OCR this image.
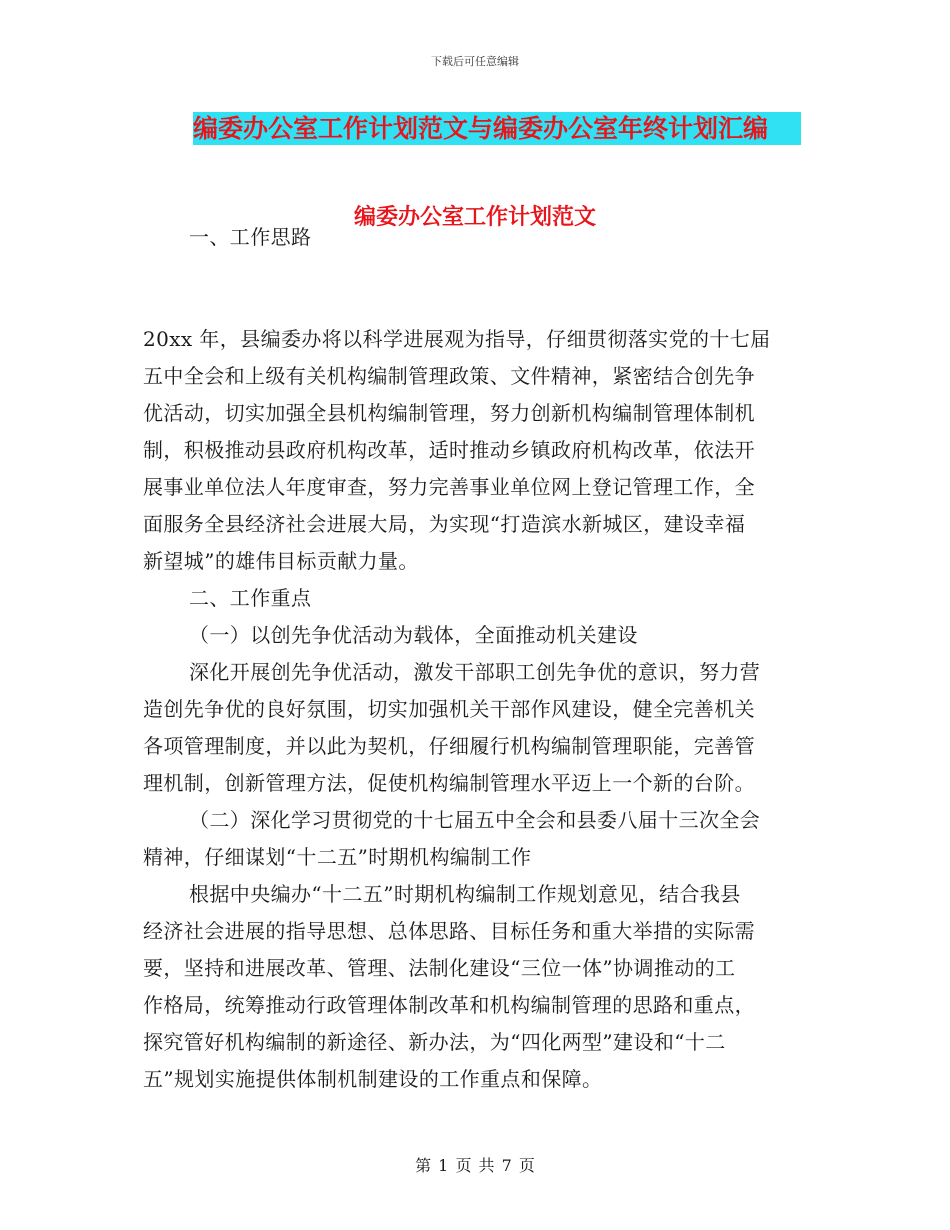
下载后可任意编辑
编委办公室工作计划范文与编委办公室年终计划汇编
编委办公室工作计划范文
一、工作思路
20xx 年，县编委办将以科学进展观为指导，仔细贯彻落实党的十七届
五中全会和上级有关机构编制管理政策、文件精神，紧密结合创先争
优活动，切实加强全县机构编制管理，努力创新机构编制管理体制机
制，积极推动县政府机构改革，适时推动乡镇政府机构改革，依法开
展事业单位法人年度审查，努力完善事业单位网上登记管理工作，全
面服务全县经济社会进展大局，为实现“打造滨水新城区，建设幸福
新望城”的雄伟目标贡献力量。
二、工作重点
（一）以创先争优活动为载体，全面推动机关建设
深化开展创先争优活动，激发干部职工创先争优的意识，努力营
造创先争优的良好氛围，切实加强机关干部作风建设，健全完善机关
各项管理制度，并以此为契机，仔细履行机构编制管理职能，完善管
理机制，创新管理方法，促使机构编制管理水平迈上一个新的台阶。
（二）深化学习贯彻党的十七届五中全会和县委八届十三次全会
精神，仔细谋划“十二五”时期机构编制工作
根据中央编办“十二五”时期机构编制工作规划意见，结合我县
经济社会进展的指导思想、总体思路、目标任务和重大举措的实际需
要，坚持和进展改革、管理、法制化建设“三位一体”协调推动的工
作格局，统筹推动行政管理体制改革和机构编制管理的思路和重点，
探究管好机构编制的新途径、新办法，为“四化两型”建设和“十二
五”规划实施提供体制机制建设的工作重点和保障。
第 1 页 共 7 页
